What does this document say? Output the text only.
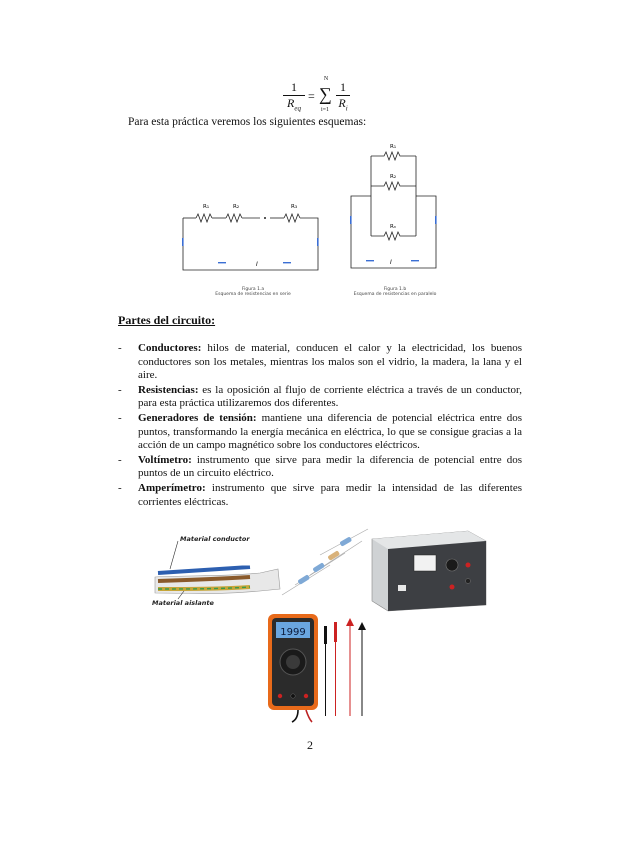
1
$R_{eq}$
=
N
∑
i=1
1
$R_i$
Para esta práctica veremos los siguientes esquemas:
R₁	R₂	R₃
I
Figura 1.a
Esquema de resistencias en serie
R₁
R₂
Rₙ
I
Figura 1.b
Esquema de resistencias en paralelo
Partes del circuito:
- Conductores: hilos de material, conducen el calor y la electricidad, los buenos conductores son los metales, mientras los malos son el vidrio, la madera, la lana y el aire.
- Resistencias: es la oposición al flujo de corriente eléctrica a través de un conductor, para esta práctica utilizaremos dos diferentes.
- Generadores de tensión: mantiene una diferencia de potencial eléctrica entre dos puntos, transformando la energía mecánica en eléctrica, lo que se consigue gracias a la acción de un campo magnético sobre los conductores eléctricos.
- Voltímetro: instrumento que sirve para medir la diferencia de potencial entre dos puntos de un circuito eléctrico.
- Amperímetro: instrumento que sirve para medir la intensidad de las diferentes corrientes eléctricas.
Material conductor
Material aislante
1999
2
